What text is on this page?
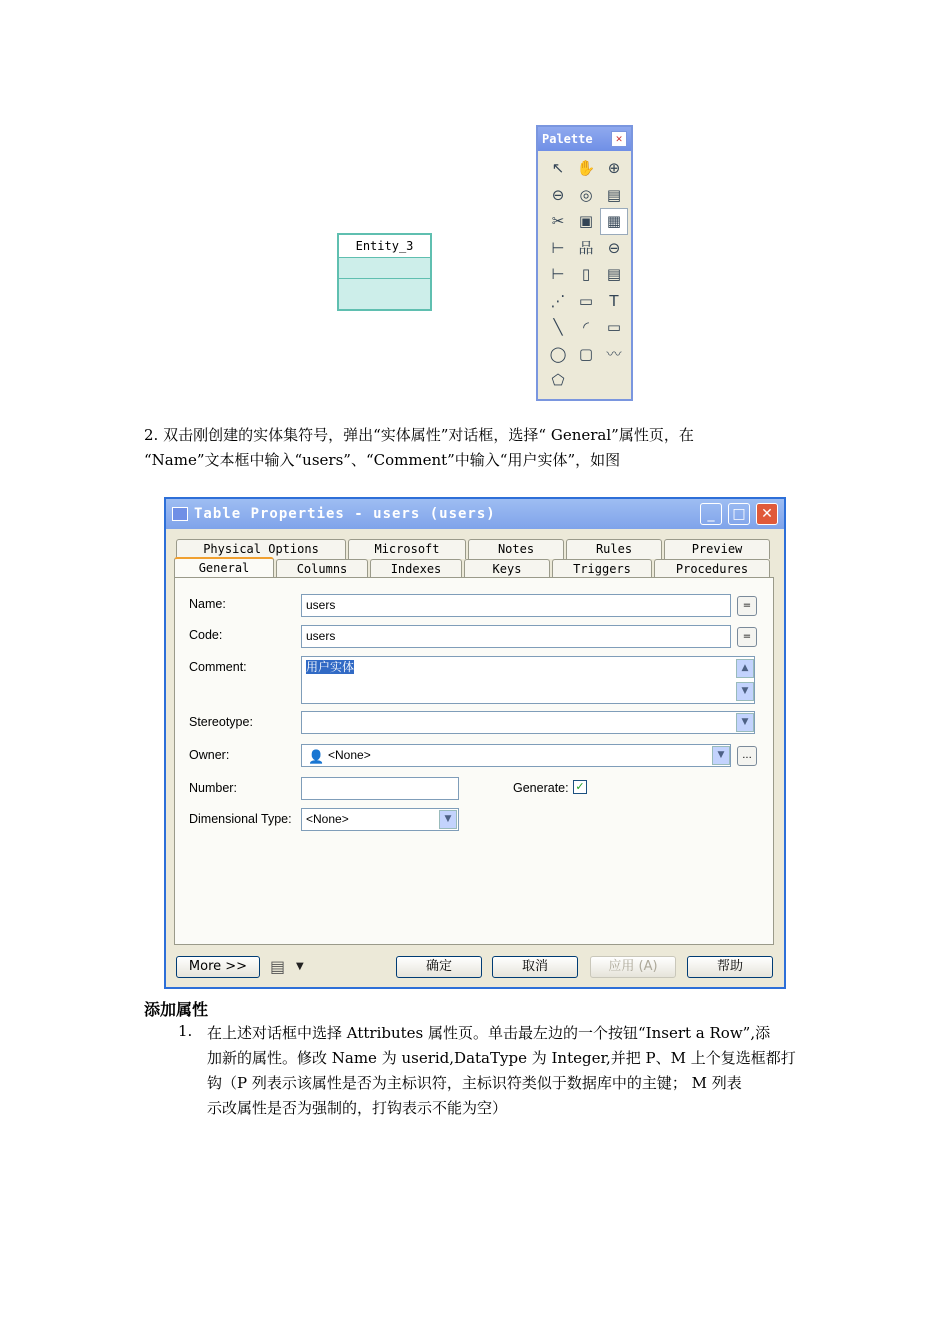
Entity_3
Palette	✕
↖ ✋ ⊕
⊖	◎ ▤
✂ ▣ ▦
⊢ 品 ⊖
⊢	▯	▤
⋰ ▭	T
╲	◜	▭
◯ ▢ 〰
⬠
2. 双击刚创建的实体集符号，弹出“实体属性”对话框，选择“ General”属性页，在
“Name”文本框中输入“users”、“Comment”中输入“用户实体”，如图
Table Properties - users (users)	_	□	✕
Physical Options	Microsoft	Notes	Rules	Preview
General	Columns	Indexes	Keys	Triggers	Procedures
Name:	users	=
Code:	users	=
Comment:	用户实体	▲
▼
Stereotype:	▼
Owner:	👤 <None>	▼	...
Number:	Generate: ✓
Dimensional Type:	<None>	▼
More >>	▤ ▼	确定	取消	应用 (A)	帮助
添加属性
1. 在上述对话框中选择 Attributes 属性页。单击最左边的一个按钮“Insert a Row”,添
加新的属性。修改 Name 为 userid,DataType 为 Integer,并把 P、M 上个复选框都打
钩（P 列表示该属性是否为主标识符，主标识符类似于数据库中的主键； M 列表
示改属性是否为强制的，打钩表示不能为空）
